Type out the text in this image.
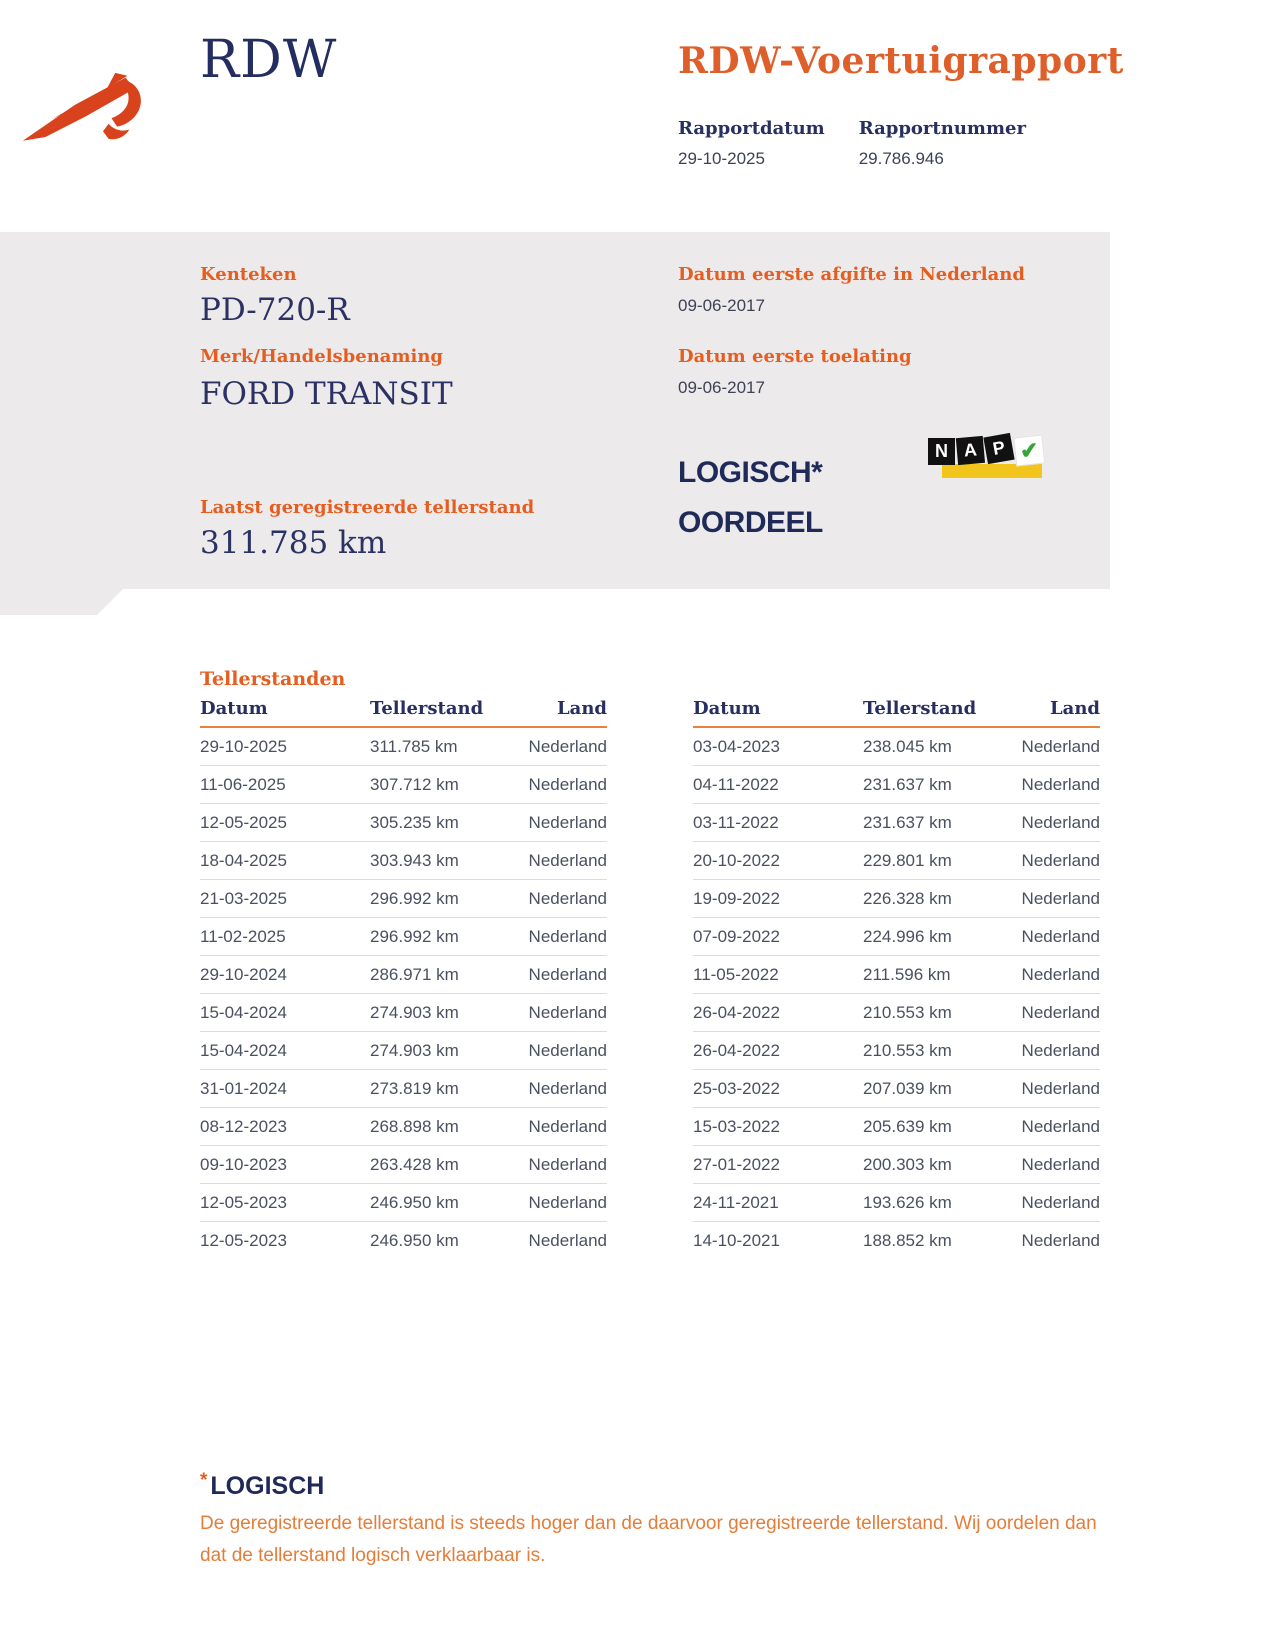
RDW	RDW-Voertuigrapport
Rapportdatum
29-10-2025
Rapportnummer
29.786.946
Kenteken
PD-720-R
Merk/Handelsbenaming
FORD TRANSIT
Datum eerste afgifte in Nederland
09-06-2017
Datum eerste toelating
09-06-2017
LOGISCH*
OORDEEL
N A P ✔
Laatst geregistreerde tellerstand
311.785 km
Tellerstanden
Datum	Tellerstand	Land
29-10-2025	311.785 km	Nederland
11-06-2025	307.712 km	Nederland
12-05-2025	305.235 km	Nederland
18-04-2025	303.943 km	Nederland
21-03-2025	296.992 km	Nederland
11-02-2025	296.992 km	Nederland
29-10-2024	286.971 km	Nederland
15-04-2024	274.903 km	Nederland
15-04-2024	274.903 km	Nederland
31-01-2024	273.819 km	Nederland
08-12-2023	268.898 km	Nederland
09-10-2023	263.428 km	Nederland
12-05-2023	246.950 km	Nederland
12-05-2023	246.950 km	Nederland
Datum	Tellerstand	Land
03-04-2023	238.045 km	Nederland
04-11-2022	231.637 km	Nederland
03-11-2022	231.637 km	Nederland
20-10-2022	229.801 km	Nederland
19-09-2022	226.328 km	Nederland
07-09-2022	224.996 km	Nederland
11-05-2022	211.596 km	Nederland
26-04-2022	210.553 km	Nederland
26-04-2022	210.553 km	Nederland
25-03-2022	207.039 km	Nederland
15-03-2022	205.639 km	Nederland
27-01-2022	200.303 km	Nederland
24-11-2021	193.626 km	Nederland
14-10-2021	188.852 km	Nederland
* LOGISCH
De geregistreerde tellerstand is steeds hoger dan de daarvoor geregistreerde tellerstand. Wij oordelen dan
dat de tellerstand logisch verklaarbaar is.
